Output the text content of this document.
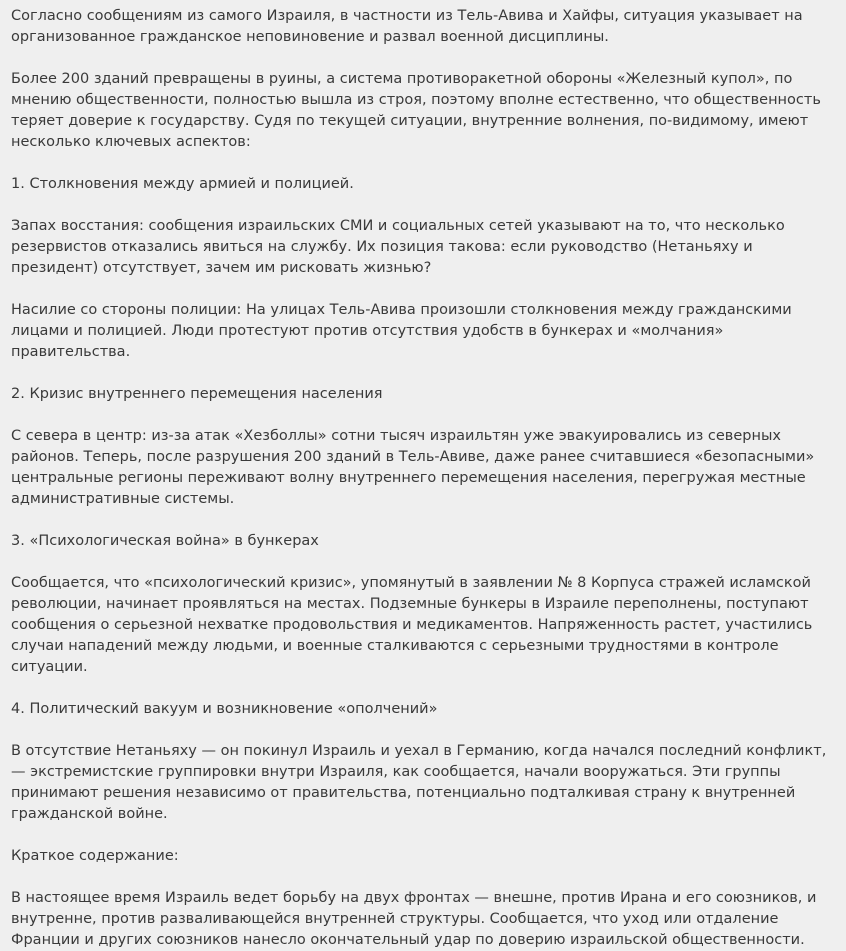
Согласно сообщениям из самого Израиля, в частности из Тель-Авива и Хайфы, ситуация указывает на организованное гражданское неповиновение и развал военной дисциплины.

Более 200 зданий превращены в руины, а система противоракетной обороны «Железный купол», по мнению общественности, полностью вышла из строя, поэтому вполне естественно, что общественность теряет доверие к государству. Судя по текущей ситуации, внутренние волнения, по-видимому, имеют несколько ключевых аспектов:

1. Столкновения между армией и полицией.

Запах восстания: сообщения израильских СМИ и социальных сетей указывают на то, что несколько резервистов отказались явиться на службу. Их позиция такова: если руководство (Нетаньяху и президент) отсутствует, зачем им рисковать жизнью?

Насилие со стороны полиции: На улицах Тель-Авива произошли столкновения между гражданскими лицами и полицией. Люди протестуют против отсутствия удобств в бункерах и «молчания» правительства.

2. Кризис внутреннего перемещения населения

С севера в центр: из-за атак «Хезболлы» сотни тысяч израильтян уже эвакуировались из северных районов. Теперь, после разрушения 200 зданий в Тель-Авиве, даже ранее считавшиеся «безопасными» центральные регионы переживают волну внутреннего перемещения населения, перегружая местные административные системы.

3. «Психологическая война» в бункерах

Сообщается, что «психологический кризис», упомянутый в заявлении № 8 Корпуса стражей исламской революции, начинает проявляться на местах. Подземные бункеры в Израиле переполнены, поступают сообщения о серьезной нехватке продовольствия и медикаментов. Напряженность растет, участились случаи нападений между людьми, и военные сталкиваются с серьезными трудностями в контроле ситуации.

4. Политический вакуум и возникновение «ополчений»

В отсутствие Нетаньяху — он покинул Израиль и уехал в Германию, когда начался последний конфликт, — экстремистские группировки внутри Израиля, как сообщается, начали вооружаться. Эти группы принимают решения независимо от правительства, потенциально подталкивая страну к внутренней гражданской войне.

Краткое содержание:

В настоящее время Израиль ведет борьбу на двух фронтах — внешне, против Ирана и его союзников, и внутренне, против разваливающейся внутренней структуры. Сообщается, что уход или отдаление Франции и других союзников нанесло окончательный удар по доверию израильской общественности.
